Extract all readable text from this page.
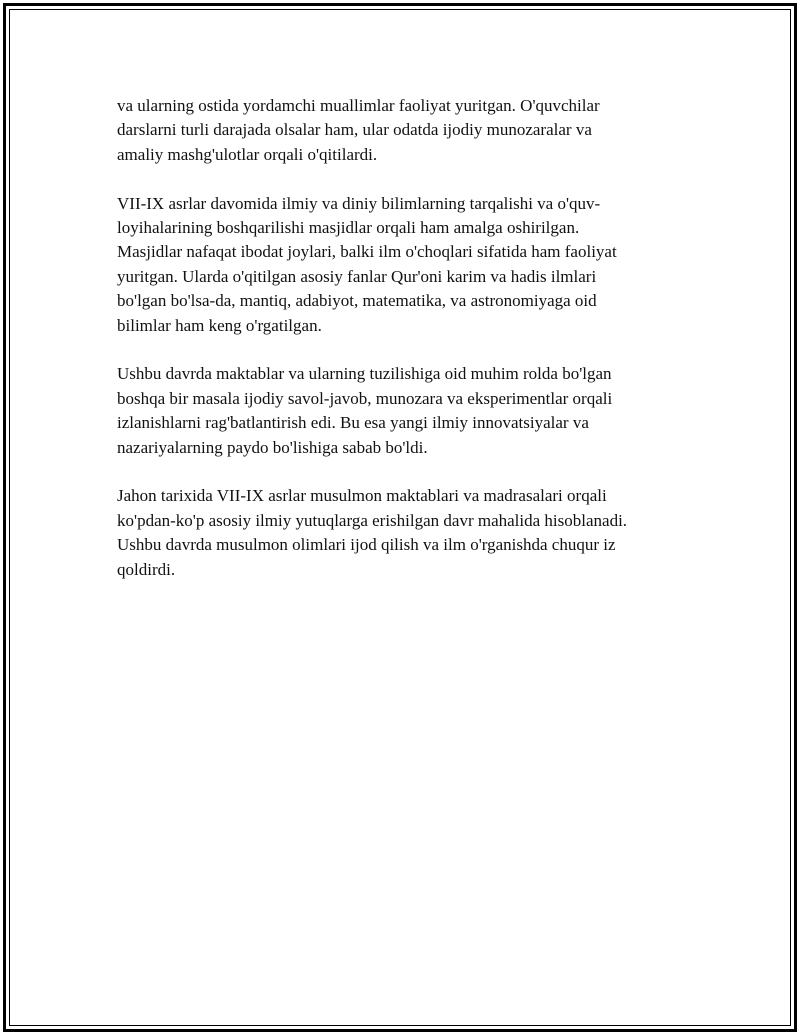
va ularning ostida yordamchi muallimlar faoliyat yuritgan. O'quvchilar
darslarni turli darajada olsalar ham, ular odatda ijodiy munozaralar va
amaliy mashg'ulotlar orqali o'qitilardi.

VII-IX asrlar davomida ilmiy va diniy bilimlarning tarqalishi va o'quv-
loyihalarining boshqarilishi masjidlar orqali ham amalga oshirilgan.
Masjidlar nafaqat ibodat joylari, balki ilm o'choqlari sifatida ham faoliyat
yuritgan. Ularda o'qitilgan asosiy fanlar Qur'oni karim va hadis ilmlari
bo'lgan bo'lsa-da, mantiq, adabiyot, matematika, va astronomiyaga oid
bilimlar ham keng o'rgatilgan.

Ushbu davrda maktablar va ularning tuzilishiga oid muhim rolda bo'lgan
boshqa bir masala ijodiy savol-javob, munozara va eksperimentlar orqali
izlanishlarni rag'batlantirish edi. Bu esa yangi ilmiy innovatsiyalar va
nazariyalarning paydo bo'lishiga sabab bo'ldi.

Jahon tarixida VII-IX asrlar musulmon maktablari va madrasalari orqali
ko'pdan-ko'p asosiy ilmiy yutuqlarga erishilgan davr mahalida hisoblanadi.
Ushbu davrda musulmon olimlari ijod qilish va ilm o'rganishda chuqur iz
qoldirdi.
